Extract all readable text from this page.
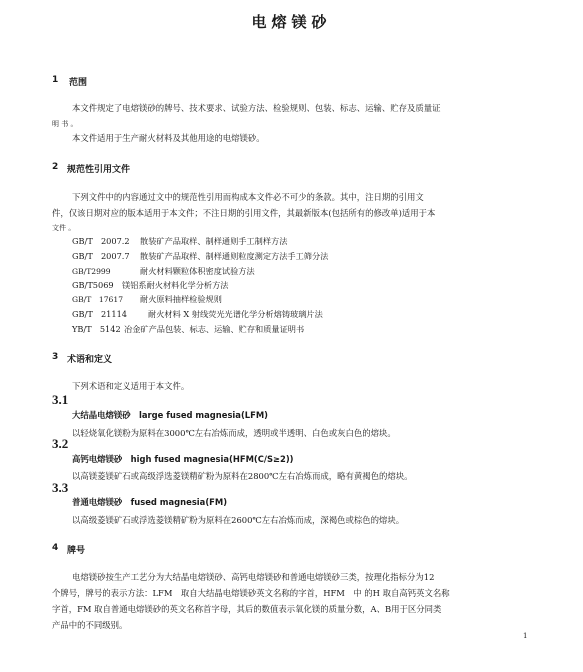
电熔镁砂
1 范围
本文件规定了电熔镁砂的牌号、技术要求、试验方法、检验规则、包装、标志、运输、贮存及质量证
明 书 。
本文件适用于生产耐火材料及其他用途的电熔镁砂。
2 规范性引用文件
下列文件中的内容通过文中的规范性引用而构成本文件必不可少的条款。其中，注日期的引用文
件，仅该日期对应的版本适用于本文件；不注日期的引用文件，其最新版本(包括所有的修改单)适用于本
文件 。
GB/T　2007.2 散装矿产品取样、制样通则手工制样方法
GB/T　2007.7 散装矿产品取样、制样通则粒度测定方法手工筛分法
GB/T2999	耐火材料颗粒体积密度试验方法
GB/T5069 镁铝系耐火材料化学分析方法
GB/T　17617 耐火原料抽样检验规则
GB/T　21114	耐火材料 X 射线荧光光谱化学分析熔铸玻璃片法
YB/T　5142 冶金矿产品包装、标志、运输、贮存和质量证明书
3 术语和定义
下列术语和定义适用于本文件。
3.1
大结晶电熔镁砂　large fused magnesia(LFM)
以轻烧氧化镁粉为原料在3000℃左右冶炼而成，透明或半透明、白色或灰白色的熔块。
3.2
高钙电熔镁砂　high fused magnesia(HFM(C/S≥2))
以高镁菱镁矿石或高级浮选菱镁精矿粉为原料在2800℃左右冶炼而成，略有黄褐色的熔块。
3.3
普通电熔镁砂　fused magnesia(FM)
以高级菱镁矿石或浮选菱镁精矿粉为原料在2600℃左右冶炼而成，深褐色或棕色的熔块。
4 牌号
电熔镁砂按生产工艺分为大结晶电熔镁砂、高钙电熔镁砂和普通电熔镁砂三类，按理化指标分为12
个牌号，牌号的表示方法：LFM　取自大结晶电熔镁砂英文名称的字首，HFM　中 的H 取自高钙英文名称
字首，FM 取自普通电熔镁砂的英文名称首字母，其后的数值表示氧化镁的质量分数，A、B用于区分同类
产品中的不同级别。
1
